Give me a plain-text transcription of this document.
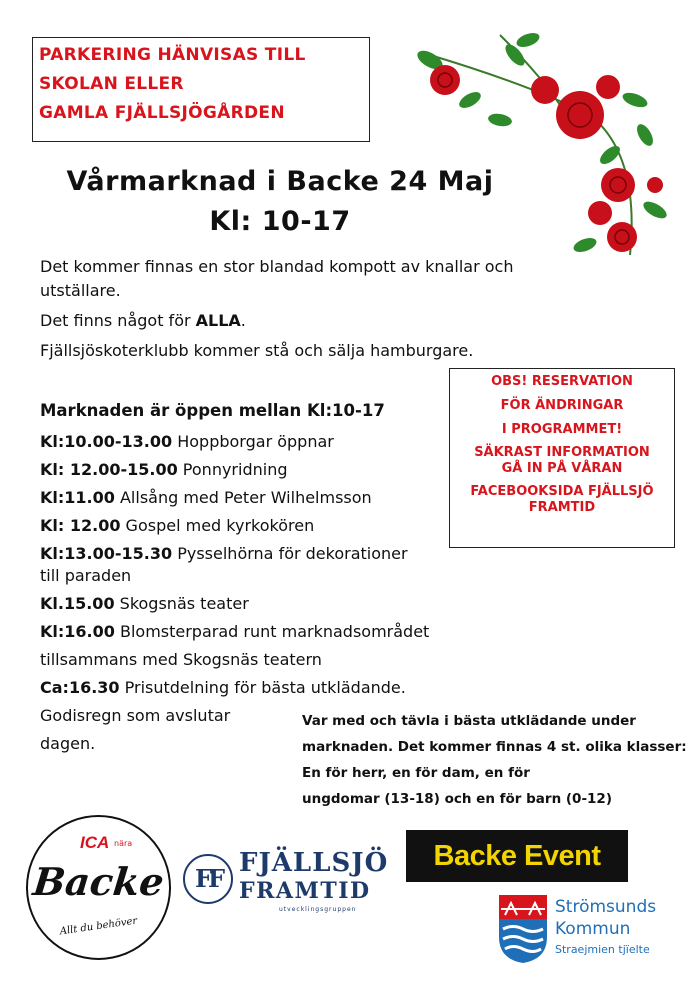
PARKERING HÄNVISAS TILL
SKOLAN ELLER
GAMLA FJÄLLSJÖGÅRDEN
Vårmarknad i Backe 24 Maj
Kl: 10-17
Det kommer finnas en stor blandad kompott av knallar och
utställare.
Det finns något för ALLA.
Fjällsjöskoterklubb kommer stå och sälja hamburgare.
Marknaden är öppen mellan Kl:10-17
Kl:10.00-13.00 Hoppborgar öppnar
Kl: 12.00-15.00 Ponnyridning
Kl:11.00 Allsång med Peter Wilhelmsson
Kl: 12.00 Gospel med kyrkokören
Kl:13.00-15.30 Pysselhörna för dekorationer
till paraden
Kl.15.00 Skogsnäs teater
Kl:16.00 Blomsterparad runt marknadsområdet
tillsammans med Skogsnäs teatern
Ca:16.30 Prisutdelning för bästa utklädande.
Godisregn som avslutar
dagen.
OBS! RESERVATION
FÖR ÄNDRINGAR
I PROGRAMMET!
SÄKRAST INFORMATION
GÅ IN PÅ VÅRAN
FACEBOOKSIDA FJÄLLSJÖ
FRAMTID
Var med och tävla i bästa utklädande under
marknaden. Det kommer finnas 4 st. olika klasser:
En för herr, en för dam, en för
ungdomar (13-18) och en för barn (0-12)
ICA nära
Backe
Allt du behöver
FF
FJÄLLSJÖ
FRAMTID
utvecklingsgruppen
Backe Event
Strömsunds
Kommun
Straejmien tjïelte
